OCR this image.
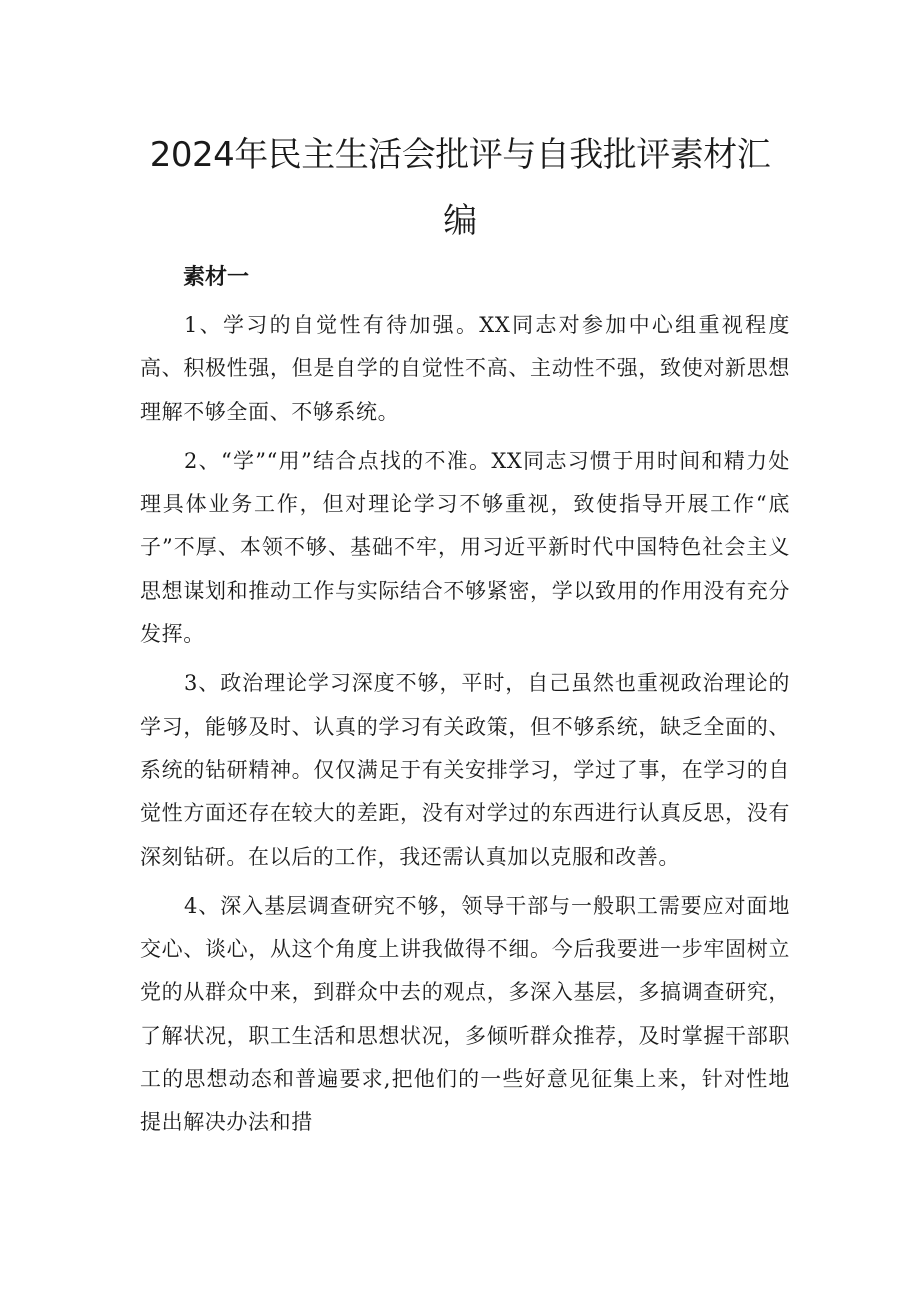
2024年民主生活会批评与自我批评素材汇编
素材一

1、学习的自觉性有待加强。XX同志对参加中心组重视程度高、积极性强，但是自学的自觉性不高、主动性不强，致使对新思想理解不够全面、不够系统。

2、“学”“用”结合点找的不准。XX同志习惯于用时间和精力处理具体业务工作，但对理论学习不够重视，致使指导开展工作“底子”不厚、本领不够、基础不牢，用习近平新时代中国特色社会主义思想谋划和推动工作与实际结合不够紧密，学以致用的作用没有充分发挥。

3、政治理论学习深度不够，平时，自己虽然也重视政治理论的学习，能够及时、认真的学习有关政策，但不够系统，缺乏全面的、系统的钻研精神。仅仅满足于有关安排学习，学过了事，在学习的自觉性方面还存在较大的差距，没有对学过的东西进行认真反思，没有深刻钻研。在以后的工作，我还需认真加以克服和改善。

4、深入基层调查研究不够，领导干部与一般职工需要应对面地交心、谈心，从这个角度上讲我做得不细。今后我要进一步牢固树立党的从群众中来，到群众中去的观点，多深入基层，多搞调查研究，了解状况，职工生活和思想状况，多倾听群众推荐，及时掌握干部职工的思想动态和普遍要求,把他们的一些好意见征集上来，针对性地提出解决办法和措
